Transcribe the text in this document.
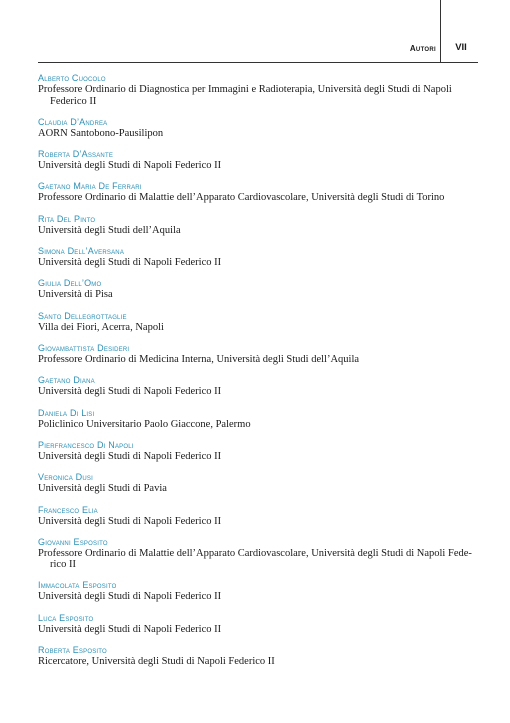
Autori	VII
Alberto Cuocolo
Professore Ordinario di Diagnostica per Immagini e Radioterapia, Università degli Studi di Napoli
Federico II
Claudia D’Andrea
AORN Santobono-Pausilipon
Roberta D’Assante
Università degli Studi di Napoli Federico II
Gaetano Maria De Ferrari
Professore Ordinario di Malattie dell’Apparato Cardiovascolare, Università degli Studi di Torino
Rita Del Pinto
Università degli Studi dell’Aquila
Simona Dell’Aversana
Università degli Studi di Napoli Federico II
Giulia Dell’Omo
Università di Pisa
Santo Dellegrottaglie
Villa dei Fiori, Acerra, Napoli
Giovambattista Desideri
Professore Ordinario di Medicina Interna, Università degli Studi dell’Aquila
Gaetano Diana
Università degli Studi di Napoli Federico II
Daniela Di Lisi
Policlinico Universitario Paolo Giaccone, Palermo
Pierfrancesco Di Napoli
Università degli Studi di Napoli Federico II
Veronica Dusi
Università degli Studi di Pavia
Francesco Elia
Università degli Studi di Napoli Federico II
Giovanni Esposito
Professore Ordinario di Malattie dell’Apparato Cardiovascolare, Università degli Studi di Napoli Fede-
rico II
Immacolata Esposito
Università degli Studi di Napoli Federico II
Luca Esposito
Università degli Studi di Napoli Federico II
Roberta Esposito
Ricercatore, Università degli Studi di Napoli Federico II
